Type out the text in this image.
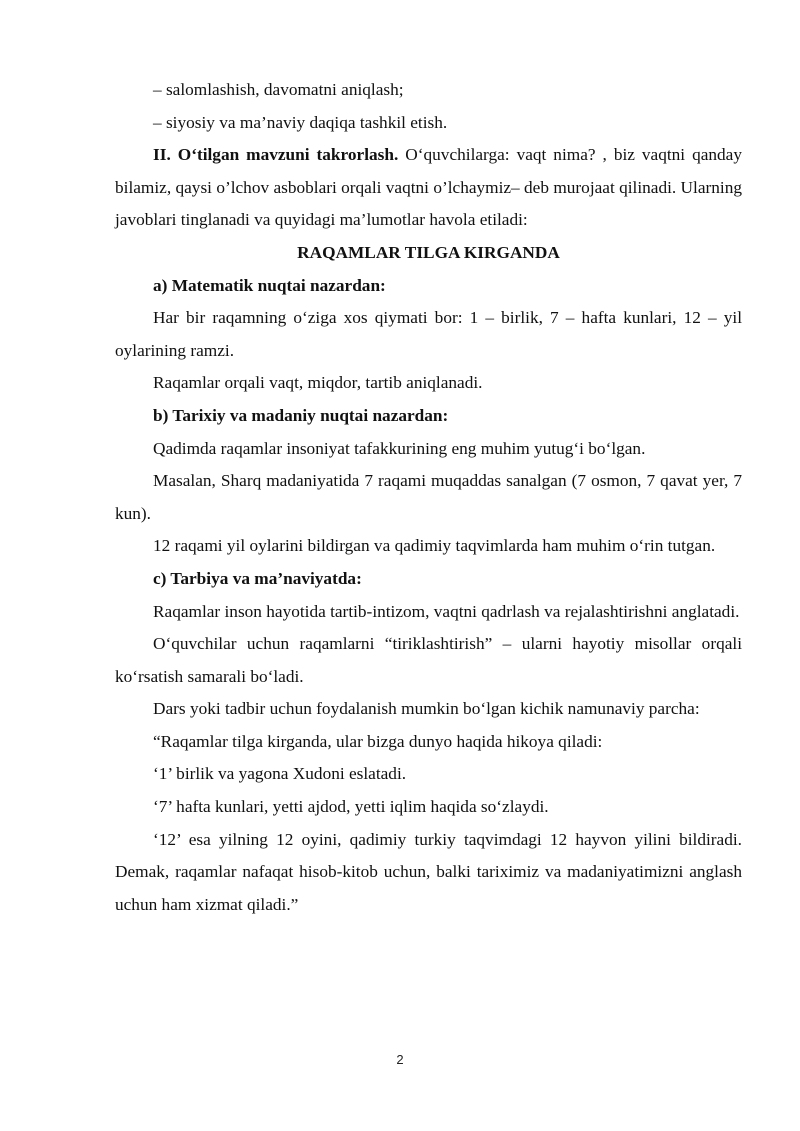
– salomlashish, davomatni aniqlash;

– siyosiy va ma’naviy daqiqa tashkil etish.

II. O‘tilgan mavzuni takrorlash. O‘quvchilarga: vaqt nima? , biz vaqtni qanday bilamiz, qaysi o’lchov asboblari orqali vaqtni o’lchaymiz– deb murojaat qilinadi. Ularning javoblari tinglanadi va quyidagi ma’lumotlar havola etiladi:

RAQAMLAR TILGA KIRGANDA

a) Matematik nuqtai nazardan:

Har bir raqamning o‘ziga xos qiymati bor: 1 – birlik, 7 – hafta kunlari, 12 – yil oylarining ramzi.

Raqamlar orqali vaqt, miqdor, tartib aniqlanadi.

b) Tarixiy va madaniy nuqtai nazardan:

Qadimda raqamlar insoniyat tafakkurining eng muhim yutug‘i bo‘lgan.

Masalan, Sharq madaniyatida 7 raqami muqaddas sanalgan (7 osmon, 7 qavat yer, 7 kun).

12 raqami yil oylarini bildirgan va qadimiy taqvimlarda ham muhim o‘rin tutgan.

c) Tarbiya va ma’naviyatda:

Raqamlar inson hayotida tartib-intizom, vaqtni qadrlash va rejalashtirishni anglatadi.

O‘quvchilar uchun raqamlarni “tiriklashtirish” – ularni hayotiy misollar orqali ko‘rsatish samarali bo‘ladi.

Dars yoki tadbir uchun foydalanish mumkin bo‘lgan kichik namunaviy parcha:

“Raqamlar tilga kirganda, ular bizga dunyo haqida hikoya qiladi:

‘1’ birlik va yagona Xudoni eslatadi.

‘7’ hafta kunlari, yetti ajdod, yetti iqlim haqida so‘zlaydi.

‘12’ esa yilning 12 oyini, qadimiy turkiy taqvimdagi 12 hayvon yilini bildiradi. Demak, raqamlar nafaqat hisob-kitob uchun, balki tariximiz va madaniyatimizni anglash uchun ham xizmat qiladi.”

2
